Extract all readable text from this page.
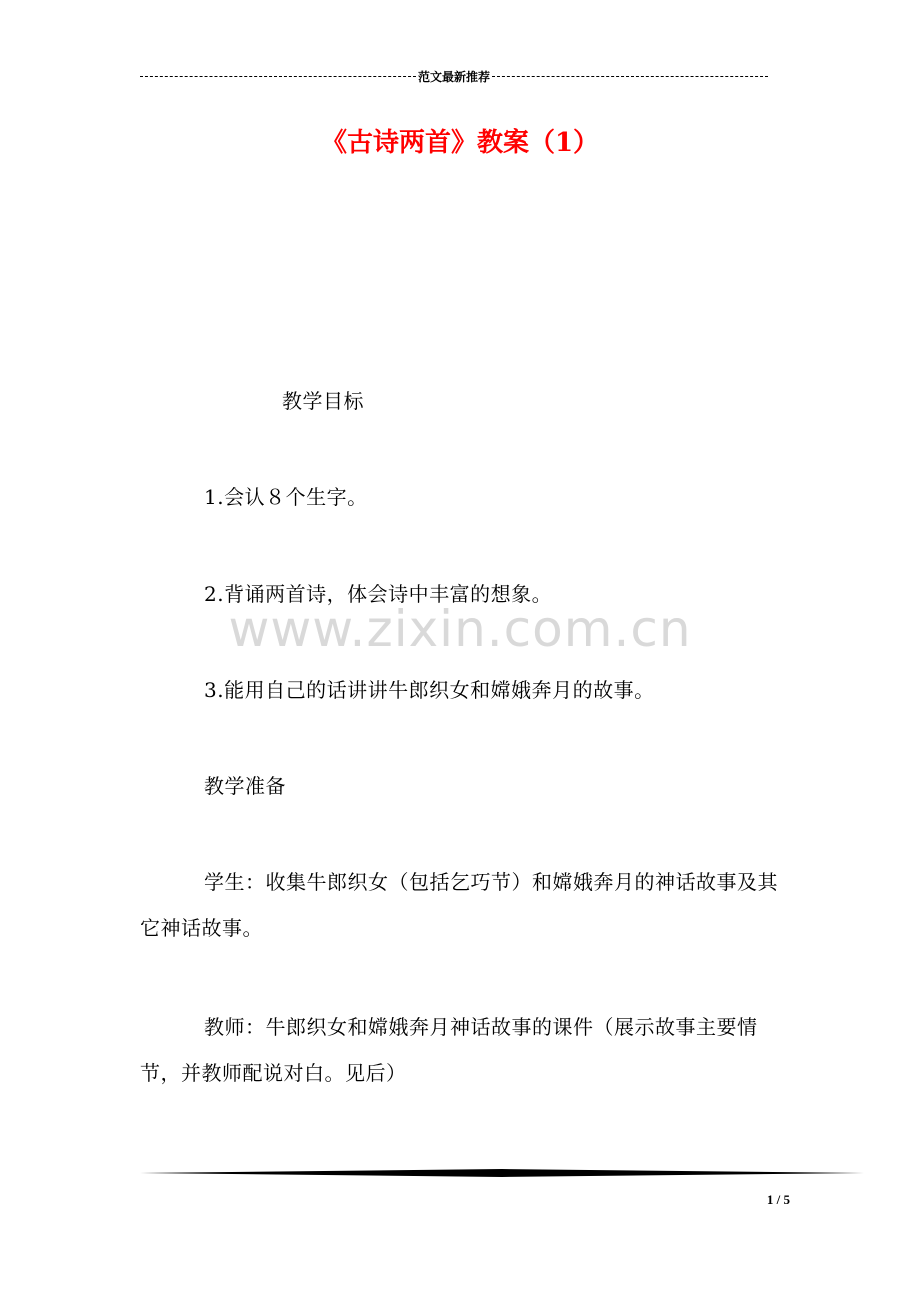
范文最新推荐
《古诗两首》教案（1）
www.zixin.com.cn
教学目标
1.会认８个生字。
2.背诵两首诗，体会诗中丰富的想象。
3.能用自己的话讲讲牛郎织女和嫦娥奔月的故事。
教学准备
学生：收集牛郎织女（包括乞巧节）和嫦娥奔月的神话故事及其它神话故事。
教师：牛郎织女和嫦娥奔月神话故事的课件（展示故事主要情节，并教师配说对白。见后）
1 / 5
